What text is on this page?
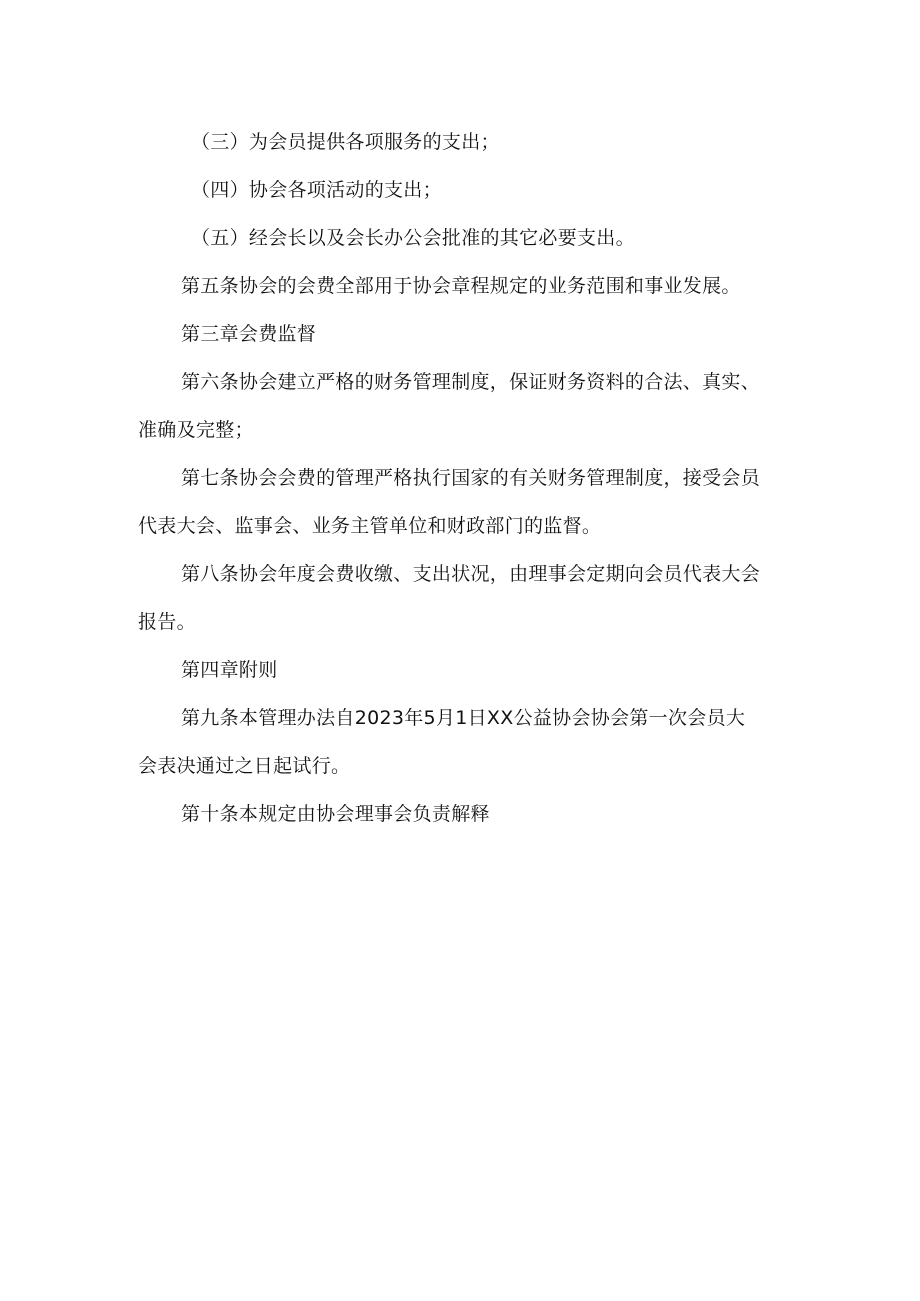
（三）为会员提供各项服务的支出；

（四）协会各项活动的支出；

（五）经会长以及会长办公会批准的其它必要支出。

第五条协会的会费全部用于协会章程规定的业务范围和事业发展。

第三章会费监督

第六条协会建立严格的财务管理制度，保证财务资料的合法、真实、

准确及完整；

第七条协会会费的管理严格执行国家的有关财务管理制度，接受会员

代表大会、监事会、业务主管单位和财政部门的监督。

第八条协会年度会费收缴、支出状况，由理事会定期向会员代表大会

报告。

第四章附则

第九条本管理办法自2023年5月1日XX公益协会协会第一次会员大

会表决通过之日起试行。

第十条本规定由协会理事会负责解释
